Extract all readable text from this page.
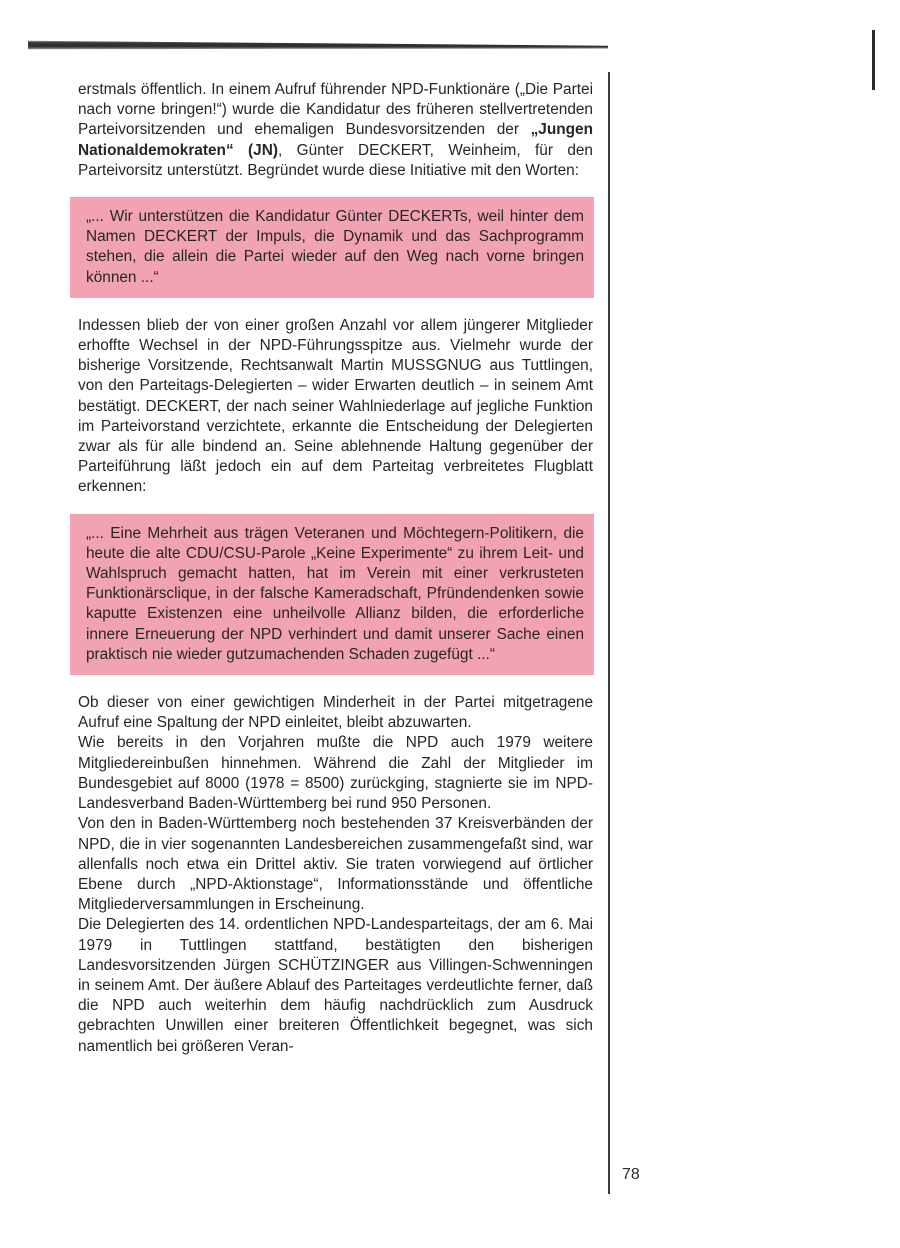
erstmals öffentlich. In einem Aufruf führender NPD-Funktionäre („Die Partei nach vorne bringen!“) wurde die Kandidatur des früheren stellvertretenden Parteivorsitzenden und ehemaligen Bundesvorsitzenden der „Jungen Nationaldemokraten“ (JN), Günter DECKERT, Weinheim, für den Parteivorsitz unterstützt. Begründet wurde diese Initiative mit den Worten:

„... Wir unterstützen die Kandidatur Günter DECKERTs, weil hinter dem Namen DECKERT der Impuls, die Dynamik und das Sachprogramm stehen, die allein die Partei wieder auf den Weg nach vorne bringen können ...“

Indessen blieb der von einer großen Anzahl vor allem jüngerer Mitglieder erhoffte Wechsel in der NPD-Führungsspitze aus. Vielmehr wurde der bisherige Vorsitzende, Rechtsanwalt Martin MUSSGNUG aus Tuttlingen, von den Parteitags-Delegierten – wider Erwarten deutlich – in seinem Amt bestätigt. DECKERT, der nach seiner Wahlniederlage auf jegliche Funktion im Parteivorstand verzichtete, erkannte die Entscheidung der Delegierten zwar als für alle bindend an. Seine ablehnende Haltung gegenüber der Parteiführung läßt jedoch ein auf dem Parteitag verbreitetes Flugblatt erkennen:

„... Eine Mehrheit aus trägen Veteranen und Möchtegern-Politikern, die heute die alte CDU/CSU-Parole „Keine Experimente“ zu ihrem Leit- und Wahlspruch gemacht hatten, hat im Verein mit einer verkrusteten Funktionärsclique, in der falsche Kameradschaft, Pfründendenken sowie kaputte Existenzen eine unheilvolle Allianz bilden, die erforderliche innere Erneuerung der NPD verhindert und damit unserer Sache einen praktisch nie wieder gutzumachenden Schaden zugefügt ...“

Ob dieser von einer gewichtigen Minderheit in der Partei mitgetragene Aufruf eine Spaltung der NPD einleitet, bleibt abzuwarten.

Wie bereits in den Vorjahren mußte die NPD auch 1979 weitere Mitgliedereinbußen hinnehmen. Während die Zahl der Mitglieder im Bundesgebiet auf 8000 (1978 = 8500) zurückging, stagnierte sie im NPD-Landesverband Baden-Württemberg bei rund 950 Personen.

Von den in Baden-Württemberg noch bestehenden 37 Kreisverbänden der NPD, die in vier sogenannten Landesbereichen zusammengefaßt sind, war allenfalls noch etwa ein Drittel aktiv. Sie traten vorwiegend auf örtlicher Ebene durch „NPD-Aktionstage“, Informationsstände und öffentliche Mitgliederversammlungen in Erscheinung.

Die Delegierten des 14. ordentlichen NPD-Landesparteitags, der am 6. Mai 1979 in Tuttlingen stattfand, bestätigten den bisherigen Landesvorsitzenden Jürgen SCHÜTZINGER aus Villingen-Schwenningen in seinem Amt. Der äußere Ablauf des Parteitages verdeutlichte ferner, daß die NPD auch weiterhin dem häufig nachdrücklich zum Ausdruck gebrachten Unwillen einer breiteren Öffentlichkeit begegnet, was sich namentlich bei größeren Veran-

78
